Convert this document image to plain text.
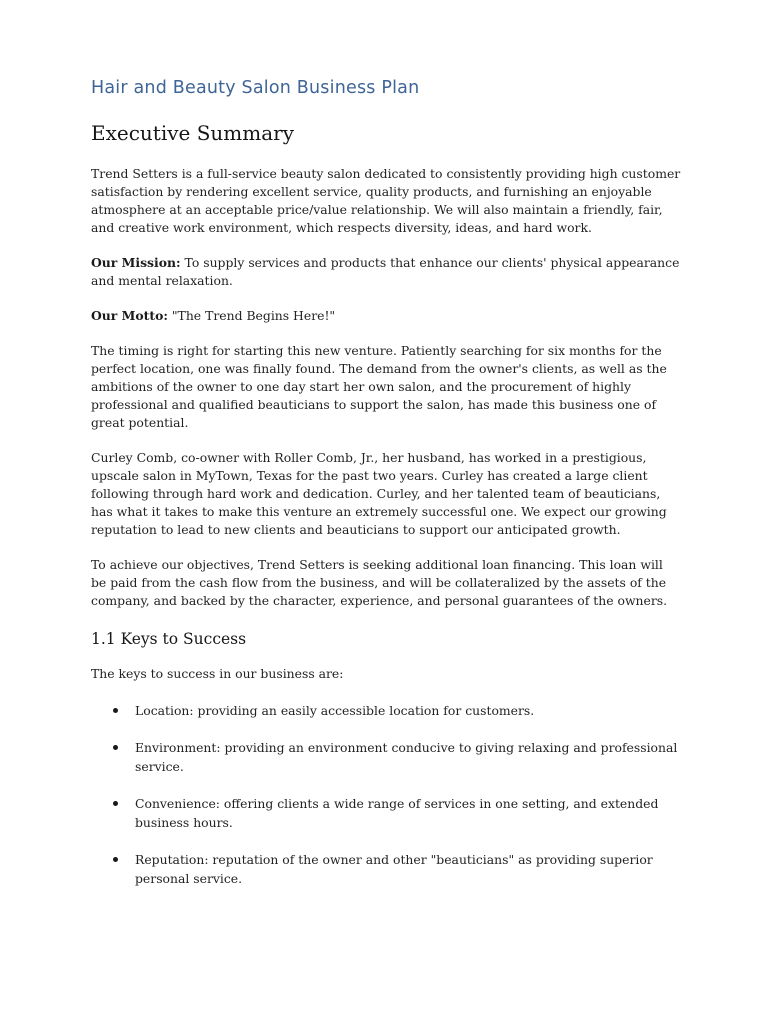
Hair and Beauty Salon Business Plan
Executive Summary

Trend Setters is a full-service beauty salon dedicated to consistently providing high customer satisfaction by rendering excellent service, quality products, and furnishing an enjoyable atmosphere at an acceptable price/value relationship. We will also maintain a friendly, fair, and creative work environment, which respects diversity, ideas, and hard work.

Our Mission: To supply services and products that enhance our clients' physical appearance and mental relaxation.

Our Motto: "The Trend Begins Here!"

The timing is right for starting this new venture. Patiently searching for six months for the perfect location, one was finally found. The demand from the owner's clients, as well as the ambitions of the owner to one day start her own salon, and the procurement of highly professional and qualified beauticians to support the salon, has made this business one of great potential.

Curley Comb, co-owner with Roller Comb, Jr., her husband, has worked in a prestigious, upscale salon in MyTown, Texas for the past two years. Curley has created a large client following through hard work and dedication. Curley, and her talented team of beauticians, has what it takes to make this venture an extremely successful one. We expect our growing reputation to lead to new clients and beauticians to support our anticipated growth.

To achieve our objectives, Trend Setters is seeking additional loan financing. This loan will be paid from the cash flow from the business, and will be collateralized by the assets of the company, and backed by the character, experience, and personal guarantees of the owners.

1.1 Keys to Success

The keys to success in our business are:

Location: providing an easily accessible location for customers.
Environment: providing an environment conducive to giving relaxing and professional service.
Convenience: offering clients a wide range of services in one setting, and extended business hours.
Reputation: reputation of the owner and other "beauticians" as providing superior personal service.
